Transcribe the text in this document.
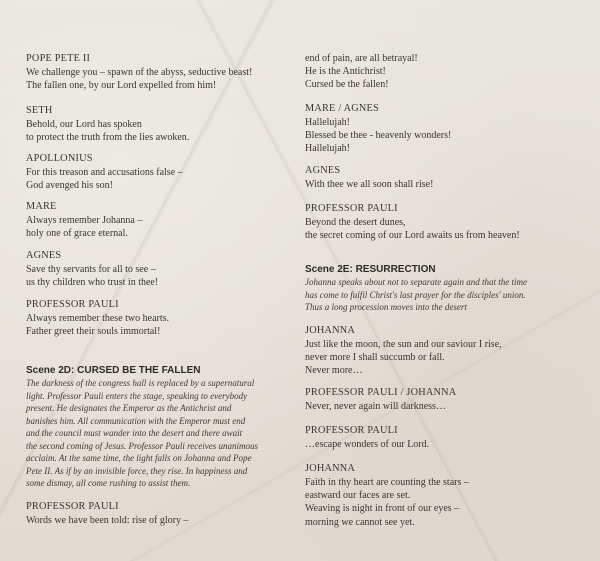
POPE PETE II
We challenge you – spawn of the abyss, seductive beast!
The fallen one, by our Lord expelled from him!
SETH
Behold, our Lord has spoken
to protect the truth from the lies awoken.
APOLLONIUS
For this treason and accusations false –
God avenged his son!
MARE
Always remember Johanna –
holy one of grace eternal.
AGNES
Save thy servants for all to see –
us thy children who trust in thee!
PROFESSOR PAULI
Always remember these two hearts.
Father greet their souls immortal!
Scene 2D: CURSED BE THE FALLEN
The darkness of the congress hall is replaced by a supernatural
light. Professor Pauli enters the stage, speaking to everybody
present. He designates the Emperor as the Antichrist and
banishes him. All communication with the Emperor must end
and the council must wander into the desert and there await
the second coming of Jesus. Professor Pauli receives unanimous
acclaim. At the same time, the light falls on Johanna and Pope
Pete II. As if by an invisible force, they rise. In happiness and
some dismay, all come rushing to assist them.
PROFESSOR PAULI
Words we have been told: rise of glory –
end of pain, are all betrayal!
He is the Antichrist!
Cursed be the fallen!
MARE / AGNES
Hallelujah!
Blessed be thee - heavenly wonders!
Hallelujah!
AGNES
With thee we all soon shall rise!
PROFESSOR PAULI
Beyond the desert dunes,
the secret coming of our Lord awaits us from heaven!
Scene 2E: RESURRECTION
Johanna speaks about not to separate again and that the time
has come to fulfil Christ's last prayer for the disciples' union.
Thus a long procession moves into the desert
JOHANNA
Just like the moon, the sun and our saviour I rise,
never more I shall succumb or fall.
Never more…
PROFESSOR PAULI / JOHANNA
Never, never again will darkness…
PROFESSOR PAULI
…escape wonders of our Lord.
JOHANNA
Faith in thy heart are counting the stars –
eastward our faces are set.
Weaving is night in front of our eyes –
morning we cannot see yet.
